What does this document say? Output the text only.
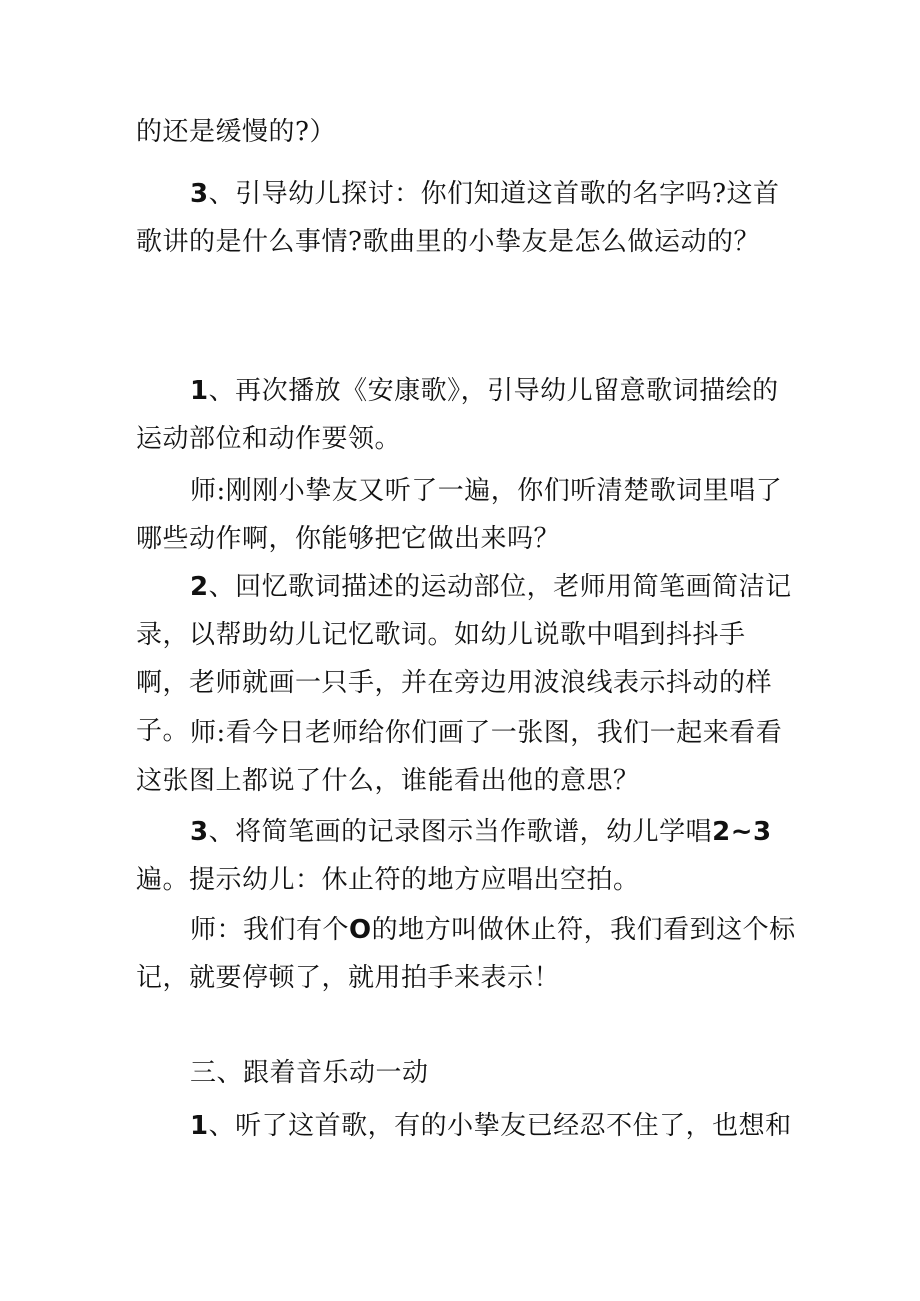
的还是缓慢的?）

3、引导幼儿探讨：你们知道这首歌的名字吗?这首歌讲的是什么事情?歌曲里的小挚友是怎么做运动的？

1、再次播放《安康歌》，引导幼儿留意歌词描绘的运动部位和动作要领。

师:刚刚小挚友又听了一遍，你们听清楚歌词里唱了哪些动作啊，你能够把它做出来吗？

2、回忆歌词描述的运动部位，老师用简笔画简洁记录，以帮助幼儿记忆歌词。如幼儿说歌中唱到抖抖手啊，老师就画一只手，并在旁边用波浪线表示抖动的样子。 师:看今日老师给你们画了一张图，我们一起来看看这张图上都说了什么，谁能看出他的意思？

3、将简笔画的记录图示当作歌谱，幼儿学唱2~3遍。提示幼儿：休止符的地方应唱出空拍。

师：我们有个O的地方叫做休止符，我们看到这个标记，就要停顿了，就用拍手来表示！

三、跟着音乐动一动

1、听了这首歌，有的小挚友已经忍不住了，也想和
